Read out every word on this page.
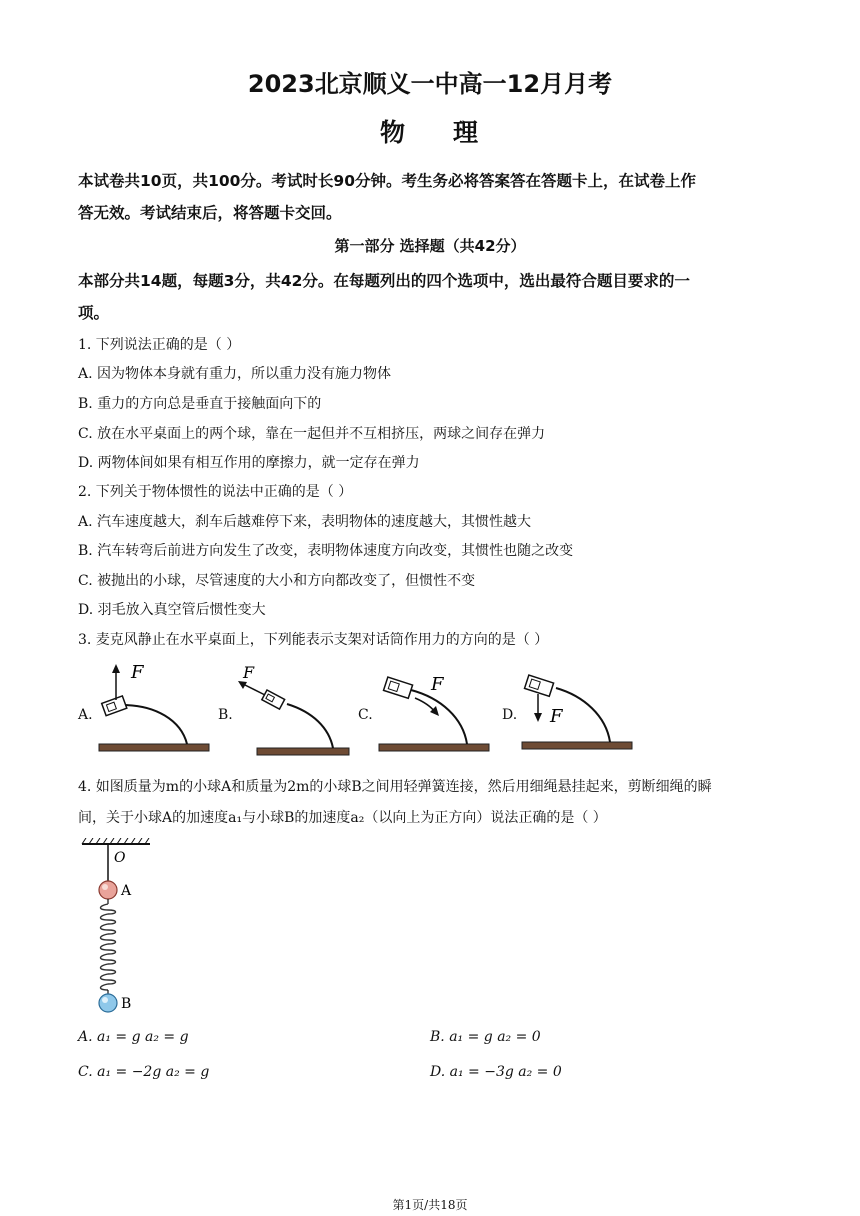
2023北京顺义一中高一12月月考
物 理
本试卷共10页，共100分。考试时长90分钟。考生务必将答案答在答题卡上，在试卷上作
答无效。考试结束后，将答题卡交回。
第一部分 选择题（共42分）
本部分共14题，每题3分，共42分。在每题列出的四个选项中，选出最符合题目要求的一
项。
1. 下列说法正确的是（ ）
A. 因为物体本身就有重力，所以重力没有施力物体
B. 重力的方向总是垂直于接触面向下的
C. 放在水平桌面上的两个球，靠在一起但并不互相挤压，两球之间存在弹力
D. 两物体间如果有相互作用的摩擦力，就一定存在弹力
2. 下列关于物体惯性的说法中正确的是（ ）
A. 汽车速度越大，刹车后越难停下来，表明物体的速度越大，其惯性越大
B. 汽车转弯后前进方向发生了改变，表明物体速度方向改变，其惯性也随之改变
C. 被抛出的小球，尽管速度的大小和方向都改变了，但惯性不变
D. 羽毛放入真空管后惯性变大
3. 麦克风静止在水平桌面上，下列能表示支架对话筒作用力的方向的是（ ）
A.	B.	C.	D.
F	F
F
F
4. 如图质量为m的小球A和质量为2m的小球B之间用轻弹簧连接，然后用细绳悬挂起来，剪断细绳的瞬
间，关于小球A的加速度a₁与小球B的加速度a₂（以向上为正方向）说法正确的是（ ）
O
A
B
A. a₁ = g a₂ = g	B. a₁ = g a₂ = 0
C. a₁ = −2g a₂ = g	D. a₁ = −3g a₂ = 0
第1页/共18页
